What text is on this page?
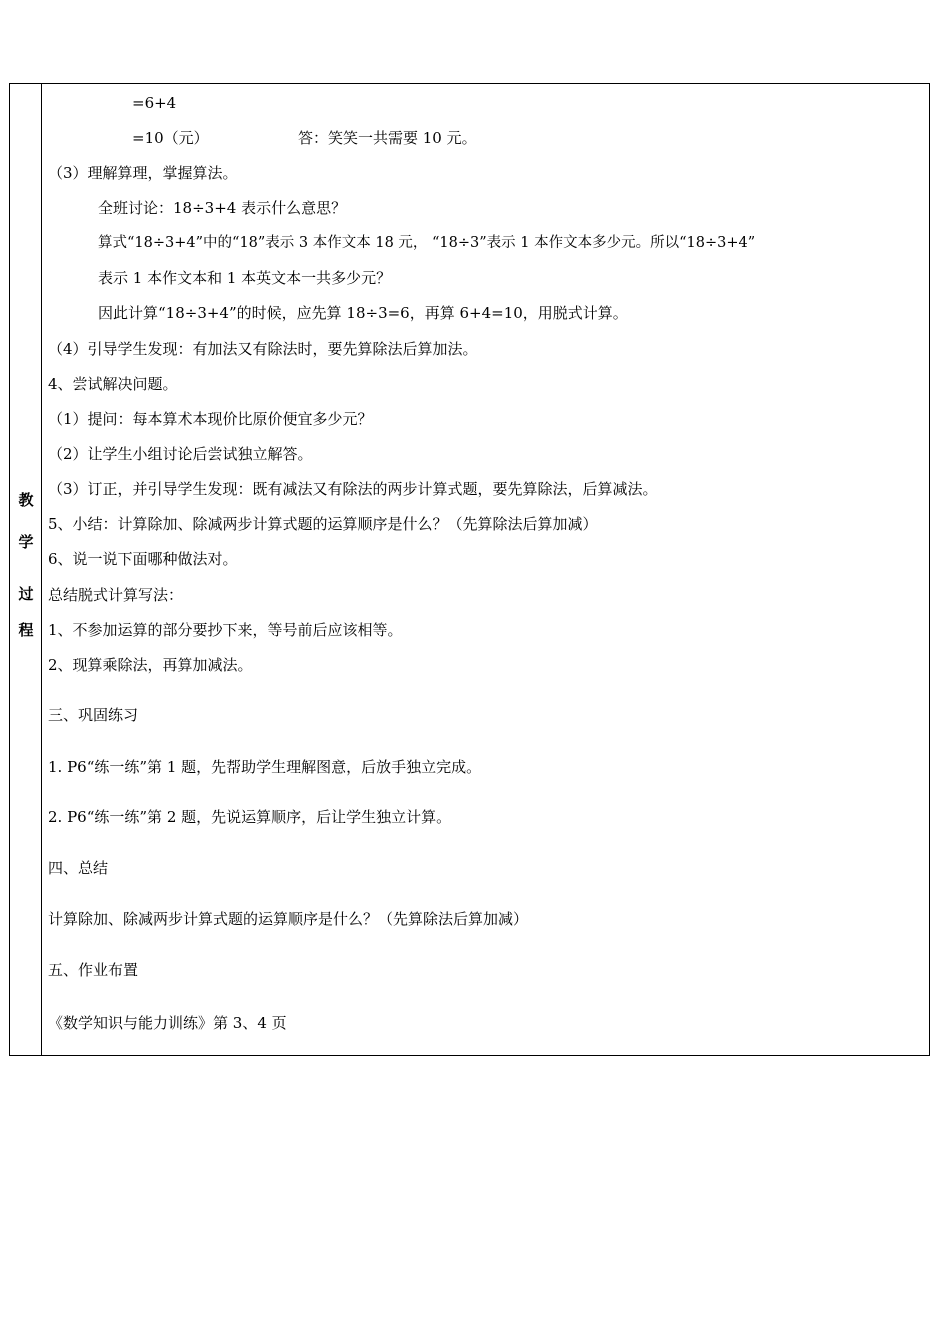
教
学
过
程
=6+4
=10（元）	答：笑笑一共需要 10 元。
（3）理解算理，掌握算法。
全班讨论：18÷3+4 表示什么意思？
算式“18÷3+4”中的“18”表示 3 本作文本 18 元， “18÷3”表示 1 本作文本多少元。所以“18÷3+4”
表示 1 本作文本和 1 本英文本一共多少元？
因此计算“18÷3+4”的时候，应先算 18÷3=6，再算 6+4=10，用脱式计算。
（4）引导学生发现：有加法又有除法时，要先算除法后算加法。
4、尝试解决问题。
（1）提问：每本算术本现价比原价便宜多少元？
（2）让学生小组讨论后尝试独立解答。
（3）订正，并引导学生发现：既有减法又有除法的两步计算式题，要先算除法，后算减法。
5、小结：计算除加、除减两步计算式题的运算顺序是什么？（先算除法后算加减）
6、说一说下面哪种做法对。
总结脱式计算写法：
1、不参加运算的部分要抄下来，等号前后应该相等。
2、现算乘除法，再算加减法。
三、巩固练习
1. P6“练一练”第 1 题，先帮助学生理解图意，后放手独立完成。
2. P6“练一练”第 2 题，先说运算顺序，后让学生独立计算。
四、总结
计算除加、除减两步计算式题的运算顺序是什么？（先算除法后算加减）
五、作业布置
《数学知识与能力训练》第 3、4 页
